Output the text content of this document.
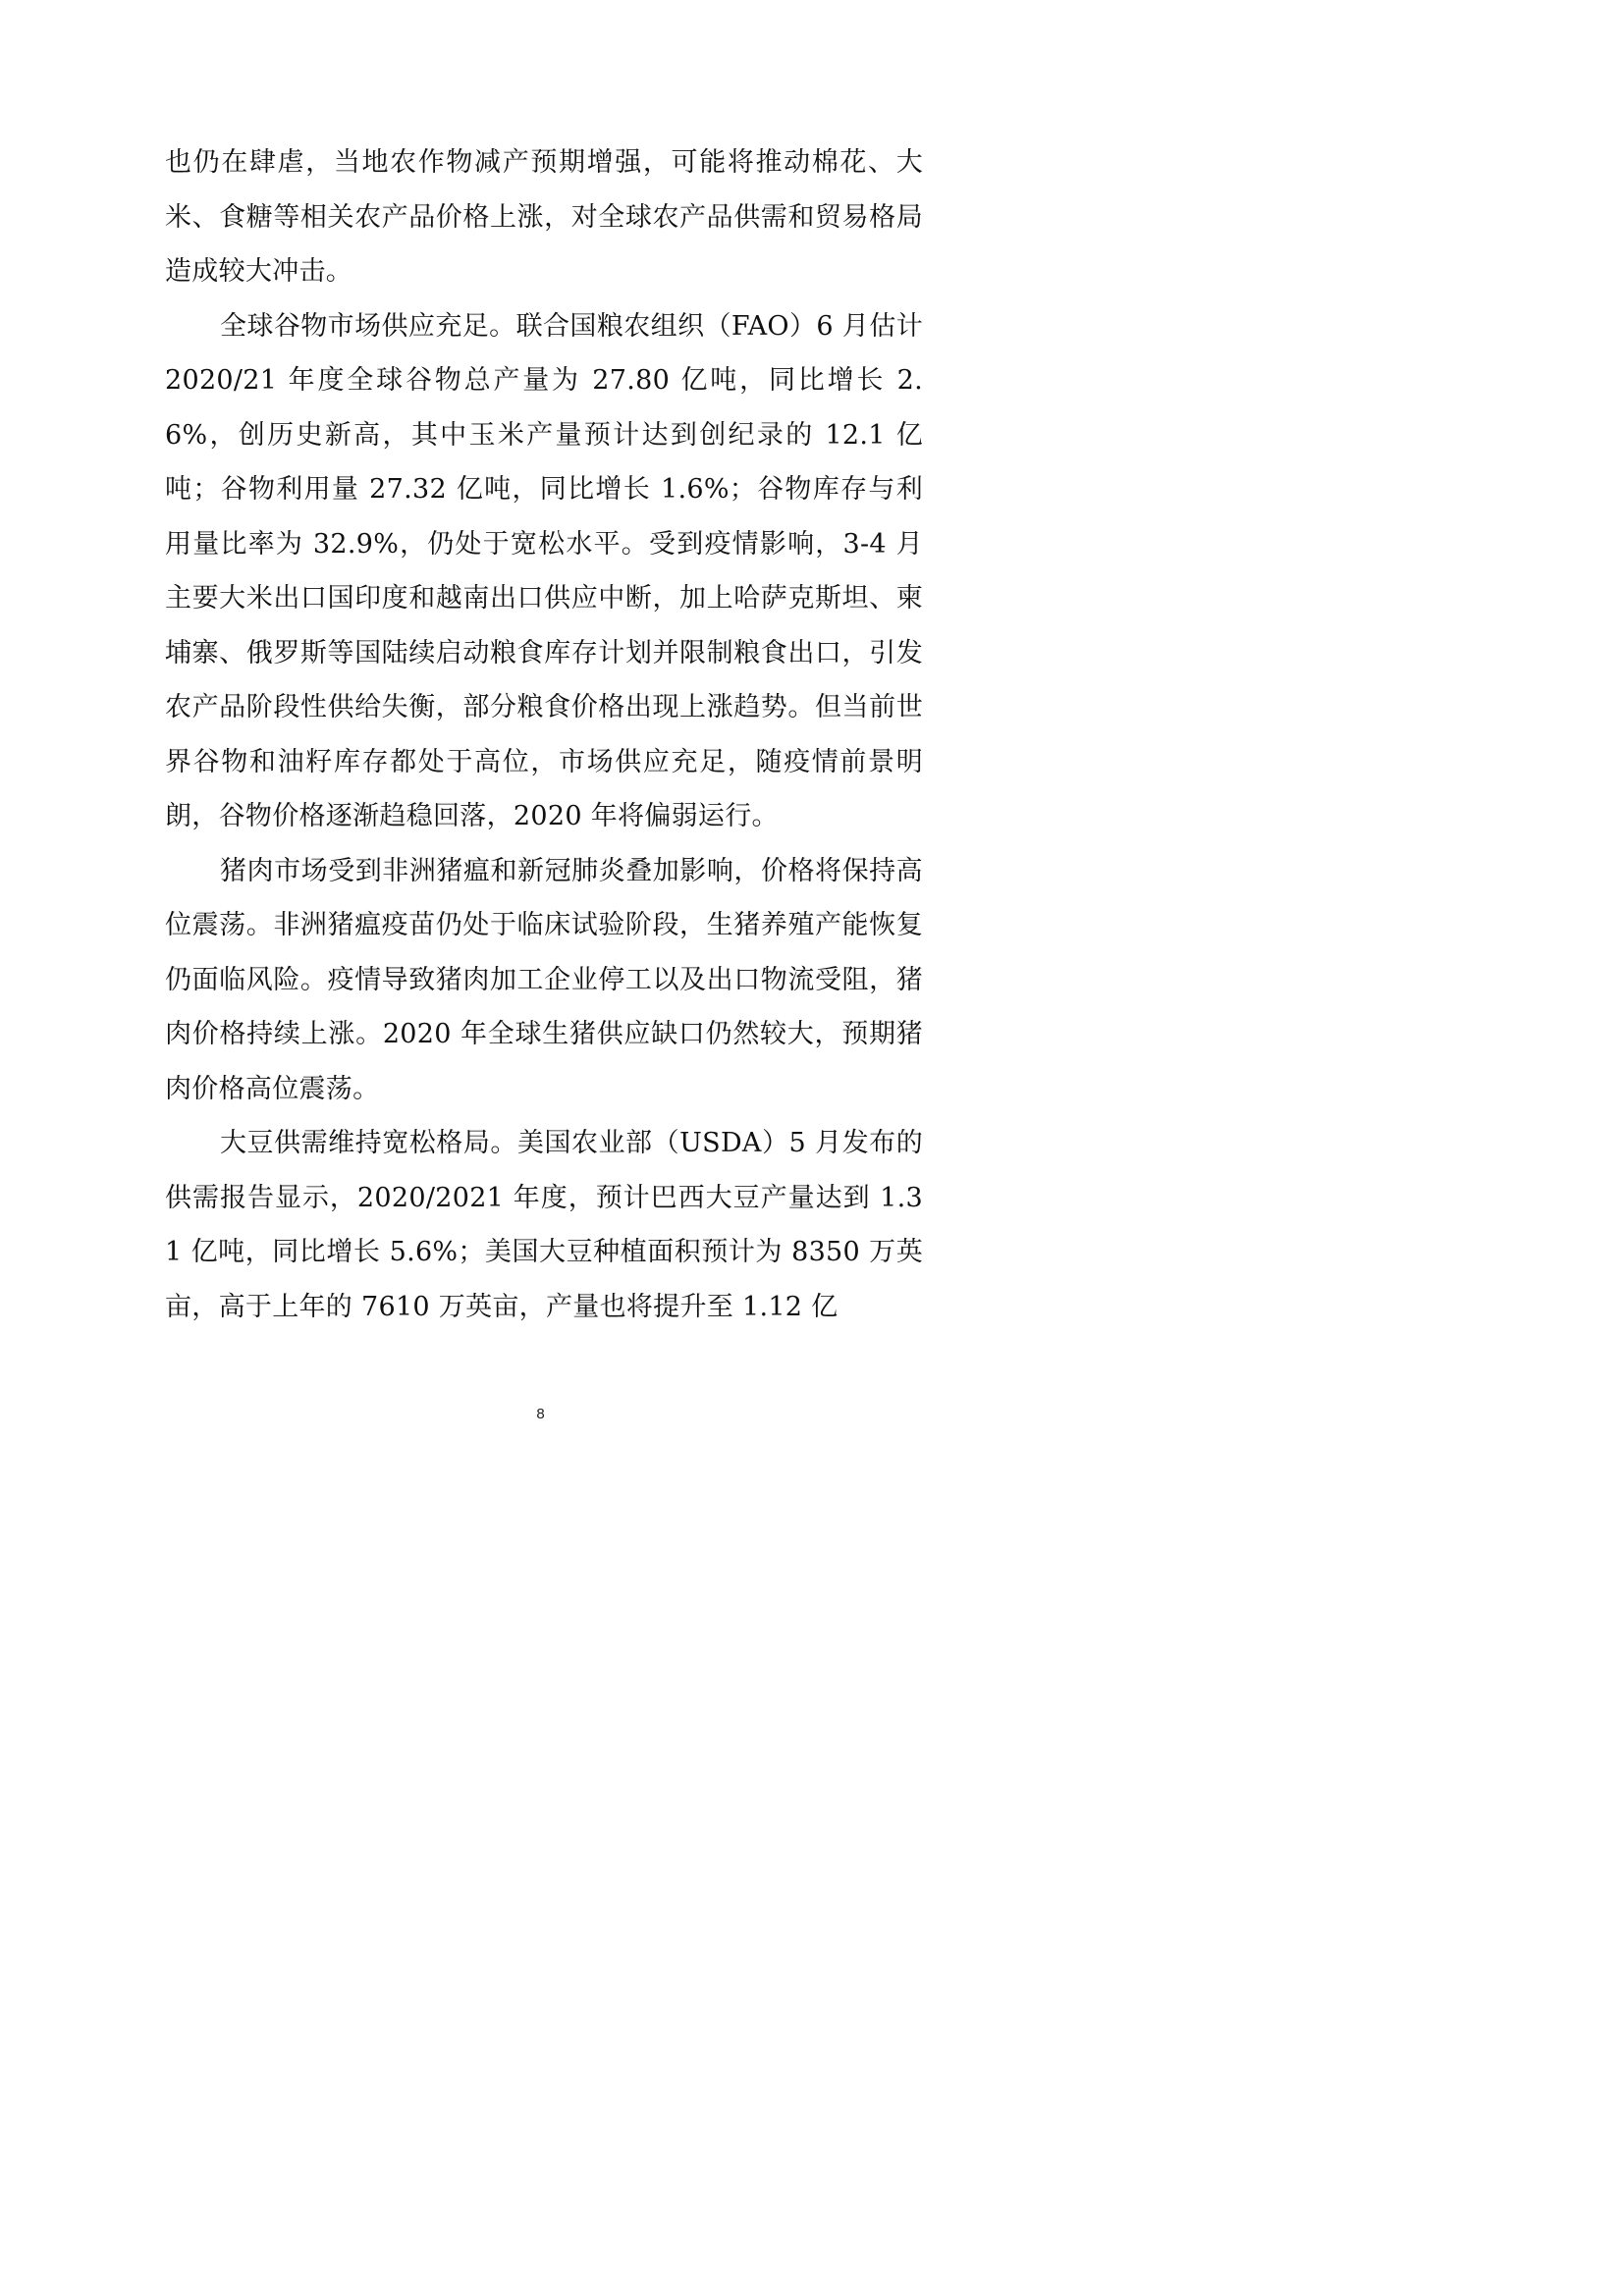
也仍在肆虐，当地农作物减产预期增强，可能将推动棉花、大米、食糖等相关农产品价格上涨，对全球农产品供需和贸易格局造成较大冲击。

全球谷物市场供应充足。联合国粮农组织（FAO）6 月估计 2020/21 年度全球谷物总产量为 27.80 亿吨，同比增长 2.6%，创历史新高，其中玉米产量预计达到创纪录的 12.1 亿吨；谷物利用量 27.32 亿吨，同比增长 1.6%；谷物库存与利用量比率为 32.9%，仍处于宽松水平。受到疫情影响，3-4 月主要大米出口国印度和越南出口供应中断，加上哈萨克斯坦、柬埔寨、俄罗斯等国陆续启动粮食库存计划并限制粮食出口，引发农产品阶段性供给失衡，部分粮食价格出现上涨趋势。但当前世界谷物和油籽库存都处于高位，市场供应充足，随疫情前景明朗，谷物价格逐渐趋稳回落，2020 年将偏弱运行。

猪肉市场受到非洲猪瘟和新冠肺炎叠加影响，价格将保持高位震荡。非洲猪瘟疫苗仍处于临床试验阶段，生猪养殖产能恢复仍面临风险。疫情导致猪肉加工企业停工以及出口物流受阻，猪肉价格持续上涨。2020 年全球生猪供应缺口仍然较大，预期猪肉价格高位震荡。

大豆供需维持宽松格局。美国农业部（USDA）5 月发布的供需报告显示，2020/2021 年度，预计巴西大豆产量达到 1.31 亿吨，同比增长 5.6%；美国大豆种植面积预计为 8350 万英亩，高于上年的 7610 万英亩，产量也将提升至 1.12 亿

8
